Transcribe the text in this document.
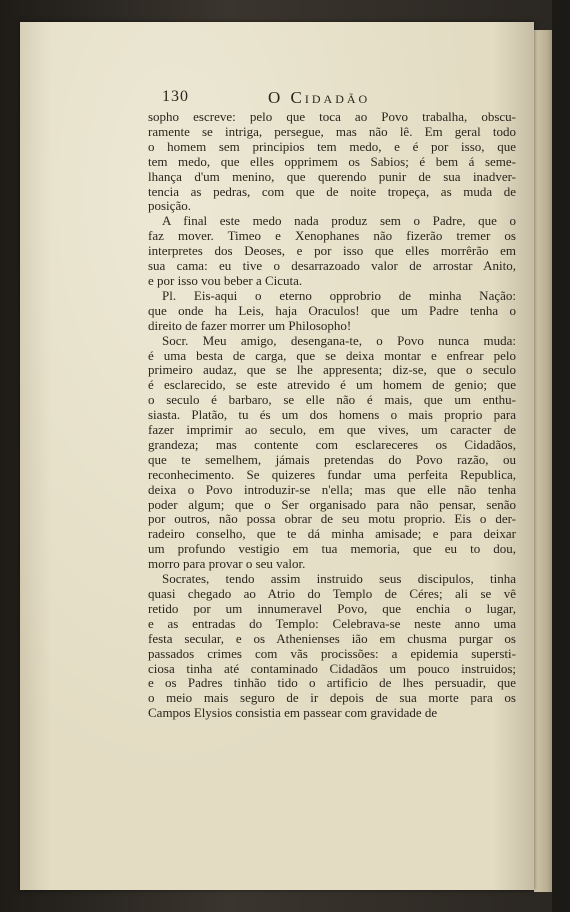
130	O Cidadão
sopho escreve: pelo que toca ao Povo trabalha, obscu-
ramente se intriga, persegue, mas não lê. Em geral todo
o homem sem principios tem medo, e é por isso, que
tem medo, que elles opprimem os Sabios; é bem á seme-
lhança d'um menino, que querendo punir de sua inadver-
tencia as pedras, com que de noite tropeça, as muda de
posição.
A final este medo nada produz sem o Padre, que o
faz mover. Timeo e Xenophanes não fizerão tremer os
interpretes dos Deoses, e por isso que elles morrêrão em
sua cama: eu tive o desarrazoado valor de arrostar Anito,
e por isso vou beber a Cicuta.
Pl. Eis-aqui o eterno opprobrio de minha Nação:
que onde ha Leis, haja Oraculos! que um Padre tenha o
direito de fazer morrer um Philosopho!
Socr. Meu amigo, desengana-te, o Povo nunca muda:
é uma besta de carga, que se deixa montar e enfrear pelo
primeiro audaz, que se lhe appresenta; diz-se, que o seculo
é esclarecido, se este atrevido é um homem de genio; que
o seculo é barbaro, se elle não é mais, que um enthu-
siasta. Platão, tu és um dos homens o mais proprio para
fazer imprimir ao seculo, em que vives, um caracter de
grandeza; mas contente com esclareceres os Cidadãos,
que te semelhem, jámais pretendas do Povo razão, ou
reconhecimento. Se quizeres fundar uma perfeita Republica,
deixa o Povo introduzir-se n'ella; mas que elle não tenha
poder algum; que o Ser organisado para não pensar, senão
por outros, não possa obrar de seu motu proprio. Eis o der-
radeiro conselho, que te dá minha amisade; e para deixar
um profundo vestigio em tua memoria, que eu to dou,
morro para provar o seu valor.
Socrates, tendo assim instruido seus discipulos, tinha
quasi chegado ao Atrio do Templo de Céres; ali se vê
retido por um innumeravel Povo, que enchia o lugar,
e as entradas do Templo: Celebrava-se neste anno uma
festa secular, e os Athenienses ião em chusma purgar os
passados crimes com vãs procissões: a epidemia supersti-
ciosa tinha até contaminado Cidadãos um pouco instruidos;
e os Padres tinhão tido o artificio de lhes persuadir, que
o meio mais seguro de ir depois de sua morte para os
Campos Elysios consistia em passear com gravidade de
